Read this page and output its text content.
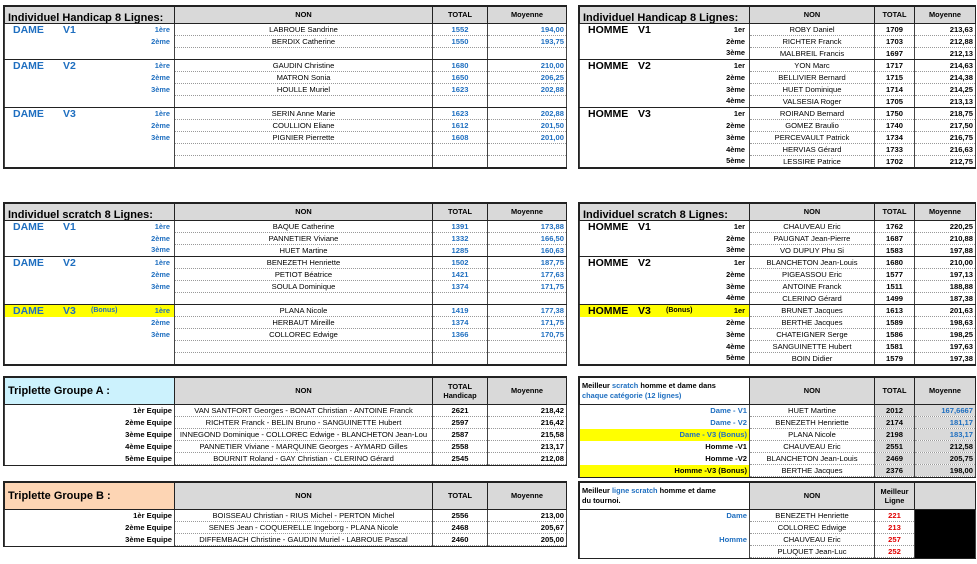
Individuel Handicap 8 Lignes:	NON	TOTAL	Moyenne

DAME V1 1ère	LABROUE Sandrine	1552	194,00

2ème	BERDIX Catherine	1550	193,75

DAME V2 1ère	GAUDIN Christine	1680	210,00

2ème	MATRON Sonia	1650	206,25

3ème	HOULLE Muriel	1623	202,88

DAME V3 1ère	SERIN Anne Marie	1623	202,88

2ème	COULLION Eliane	1612	201,50

3ème	PIGNIER Pierrette	1608	201,00

Individuel Handicap 8 Lignes:	NON	TOTAL	Moyenne

HOMME V1 1er	ROBY Daniel	1709	213,63

2ème	RICHTER Franck	1703	212,88

3ème	MALBREIL Francis	1697	212,13

HOMME V2 1er	YON Marc	1717	214,63

2ème	BELLIVIER Bernard	1715	214,38

3ème	HUET Dominique	1714	214,25

4ème	VALSESIA Roger	1705	213,13

HOMME V3 1er	ROIRAND Bernard	1750	218,75

2ème	GOMEZ Braulio	1740	217,50

3ème	PERCEVAULT Patrick	1734	216,75

4ème	HERVIAS Gérard	1733	216,63

5ème	LESSIRE Patrice	1702	212,75
Individuel scratch 8 Lignes:	NON	TOTAL	Moyenne

DAME V1 1ère	BAQUE Catherine	1391	173,88

2ème	PANNETIER Viviane	1332	166,50

3ème	HUET Martine	1285	160,63

DAME V2 1ère	BENEZETH Henriette	1502	187,75

2ème	PETIOT Béatrice	1421	177,63

3ème	SOULA Dominique	1374	171,75

DAME V3 (Bonus) 1ère	PLANA Nicole	1419	177,38

2ème	HERBAUT Mireille	1374	171,75

3ème	COLLOREC Edwige	1366	170,75

Individuel scratch 8 Lignes:	NON	TOTAL	Moyenne

HOMME V1 1er	CHAUVEAU Eric	1762	220,25

2ème	PAUGNAT Jean-Pierre	1687	210,88

3ème	VO DUPUY Phu Si	1583	197,88

HOMME V2 1er	BLANCHETON Jean-Louis	1680	210,00

2ème	PIGEASSOU Eric	1577	197,13

3ème	ANTOINE Franck	1511	188,88

4ème	CLERINO Gérard	1499	187,38

HOMME V3 (Bonus) 1er	BRUNET Jacques	1613	201,63

2ème	BERTHE Jacques	1589	198,63

3ème	CHATEIGNER Serge	1586	198,25

4ème	SANGUINETTE Hubert	1581	197,63

5ème	BOIN Didier	1579	197,38
Triplette Groupe A :	NON	TOTAL Handicap	Moyenne
1èr Equipe	VAN SANTFORT Georges - BONAT Christian - ANTOINE Franck	2621	218,42
2ème Equipe	RICHTER Franck - BELIN Bruno - SANGUINETTE Hubert	2597	216,42
3ème Equipe	INNEGOND Dominique - COLLOREC Edwige - BLANCHETON Jean-Lou	2587	215,58
4ème Equipe	PANNETIER Viviane - MARQUINE Georges - AYMARD Gilles	2558	213,17
5ème Equipe	BOURNIT Roland - GAY Christian - CLERINO Gérard	2545	212,08
Triplette Groupe B :	NON	TOTAL	Moyenne
1èr Equipe	BOISSEAU Christian - RIUS Michel - PERTON Michel	2556	213,00
2ème Equipe	SENES Jean - COQUERELLE Ingeborg - PLANA Nicole	2468	205,67
3ème Equipe	DIFFEMBACH Christine - GAUDIN Muriel - LABROUE Pascal	2460	205,00
Meilleur scratch homme et dame dans
chaque catégorie (12 lignes)	NON	TOTAL	Moyenne
Dame - V1	HUET Martine	2012	167,6667
Dame - V2	BENEZETH Henriette	2174	181,17
Dame - V3 (Bonus)	PLANA Nicole	2198	183,17
Homme -V1	CHAUVEAU Eric	2551	212,58
Homme -V2	BLANCHETON Jean-Louis	2469	205,75
Homme -V3 (Bonus)	BERTHE Jacques	2376	198,00
Meilleur ligne scratch homme et dame
du tournoi.	NON	Meilleur Ligne	
Dame	BENEZETH Henriette	221	
	COLLOREC Edwige	213	
Homme	CHAUVEAU Eric	257	
	PLUQUET Jean-Luc	252	
